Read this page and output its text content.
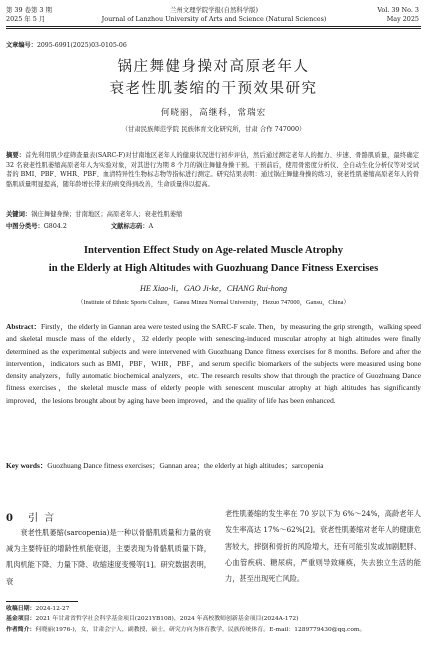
第 39 卷第 3 期
2025 年 5 月
兰州文理学院学报(自然科学版)
Journal of Lanzhou University of Arts and Science (Natural Sciences)
Vol. 39 No. 3
May 2025
文章编号：2095-6991(2025)03-0105-06
锅庄舞健身操对高原老年人
衰老性肌萎缩的干预效果研究
何晓丽，高继科，常瑞宏
（甘肃民族师范学院 民族体育文化研究所，甘肃 合作 747000）
摘要：首先利用肌少症筛查量表(SARC-F)对甘南地区老年人的健康状况进行初步评估，然后通过测定老年人的握力、步速、骨骼肌质量，最终确定 32 名衰老性肌萎缩高原老年人为实验对象，对其进行为期 8 个月的锅庄舞健身操干预。干预前后，使用骨密度分析仪、全自动生化分析仪等对受试者的 BMI、PBF、WHR、PBF、血清特异性生物标志物等指标进行测定。研究结果表明：通过锅庄舞健身操的练习，衰老性肌萎缩高原老年人的骨骼肌质量明显提高，随年龄增长带来的病变得到改善，生命质量得以提高。
关键词：锅庄舞健身操；甘南地区；高原老年人；衰老性肌萎缩
中图分类号：G804.2	文献标志码：A
Intervention Effect Study on Age-related Muscle Atrophy
in the Elderly at High Altitudes with Guozhuang Dance Fitness Exercises
HE Xiao-li，GAO Ji-ke，CHANG Rui-hong
（Institute of Ethnic Sports Culture，Gansu Minzu Normal University，Hezuo 747000，Gansu，China）
Abstract：Firstly，the elderly in Gannan area were tested using the SARC-F scale. Then，by measuring the grip strength，walking speed and skeletal muscle mass of the elderly，32 elderly people with senescing-induced muscular atrophy at high altitudes were finally determined as the experimental subjects and were intervened with Guozhuang Dance fitness exercises for 8 months. Before and after the intervention，indicators such as BMI，PBF，WHR，PBF，and serum specific biomarkers of the subjects were measured using bone density analyzers，fully automatic biochemical analyzers，etc. The research results show that through the practice of Guozhuang Dance fitness exercises，the skeletal muscle mass of elderly people with senescent muscular atrophy at high altitudes has significantly improved，the lesions brought about by aging have been improved，and the quality of life has been enhanced.
Key words：Guozhuang Dance fitness exercises；Gannan area；the elderly at high altitudes；sarcopenia
0 引言

衰老性肌萎缩(sarcopenia)是一种以骨骼肌质量和力量的衰减为主要特征的增龄性机能衰退，主要表现为骨骼肌质量下降，肌肉机能下降、力量下降、收缩速度变慢等[1]。研究数据表明，衰

老性肌萎缩的发生率在 70 岁以下为 6%～24%，高龄老年人发生率高达 17%～62%[2]。衰老性肌萎缩对老年人的健康危害较大，摔倒和骨折的风险增大，还有可能引发或加剧肥胖、心血管疾病、糖尿病，严重则导致瘫痪，失去独立生活的能力，甚至出现死亡风险。

收稿日期：2024-12-27

基金项目：2021 年甘肃省哲学社会科学基金项目(2021YB108)，2024 年高校教师创新基金项目(2024A-172)

作者简介：何晓丽(1976-)，女，甘肃会宁人，副教授，硕士，研究方向为体育教学，民族传统体育。E-mail：1289779430@qq.com。
